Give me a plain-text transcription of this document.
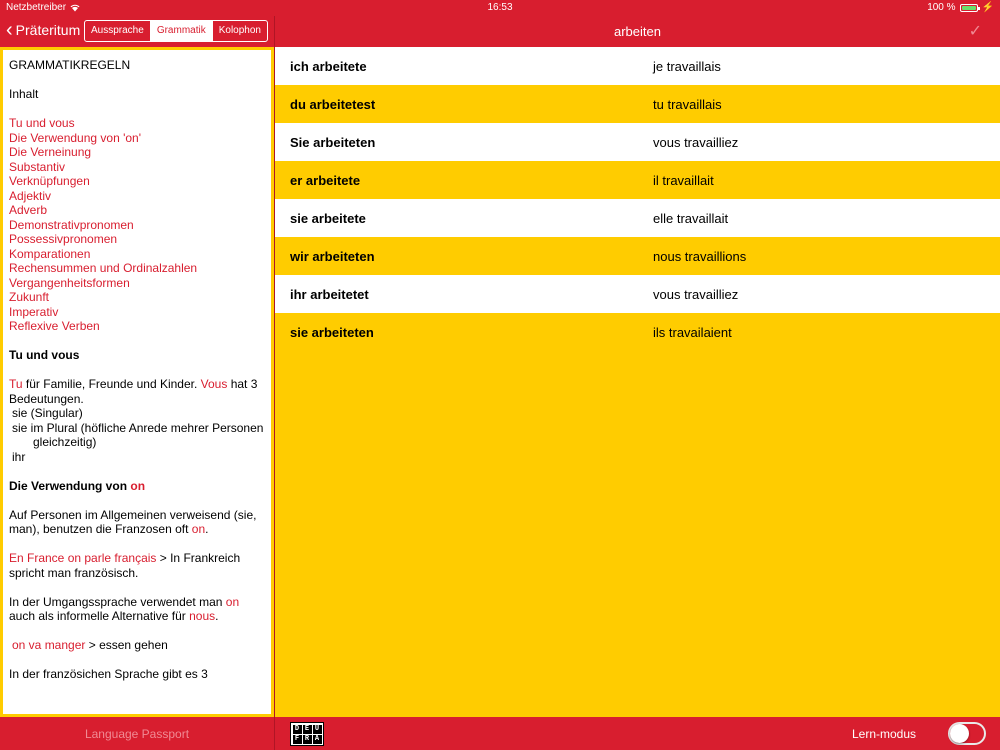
Netzbetreiber	16:53	100 %	⚡
‹ Präteritum	Aussprache	Grammatik	Kolophon

GRAMMATIKREGELN

Inhalt

Tu und vous
Die Verwendung von 'on'
Die Verneinung
Substantiv
Verknüpfungen
Adjektiv
Adverb
Demonstrativpronomen
Possessivpronomen
Komparationen
Rechensummen und Ordinalzahlen
Vergangenheitsformen
Zukunft
Imperativ
Reflexive Verben

Tu und vous

Tu für Familie, Freunde und Kinder. Vous hat 3 Bedeutungen.
sie (Singular)
sie im Plural (höfliche Anrede mehrer Personen
gleichzeitig)
ihr

Die Verwendung von on

Auf Personen im Allgemeinen verweisend (sie, man), benutzen die Franzosen oft on.

En France on parle français > In Frankreich spricht man französisch.

In der Umgangssprache verwendet man on auch als informelle Alternative für nous.

on va manger > essen gehen

In der französichen Sprache gibt es 3

arbeiten	✓
ich arbeitete	je travaillais
du arbeitetest	tu travaillais
Sie arbeiteten	vous travailliez
er arbeitete	il travaillait
sie arbeitete	elle travaillait
wir arbeiteten	nous travaillions
ihr arbeitetet	vous travailliez
sie arbeiteten	ils travailaient
Language Passport	D E U
F R A	Lern-modus
